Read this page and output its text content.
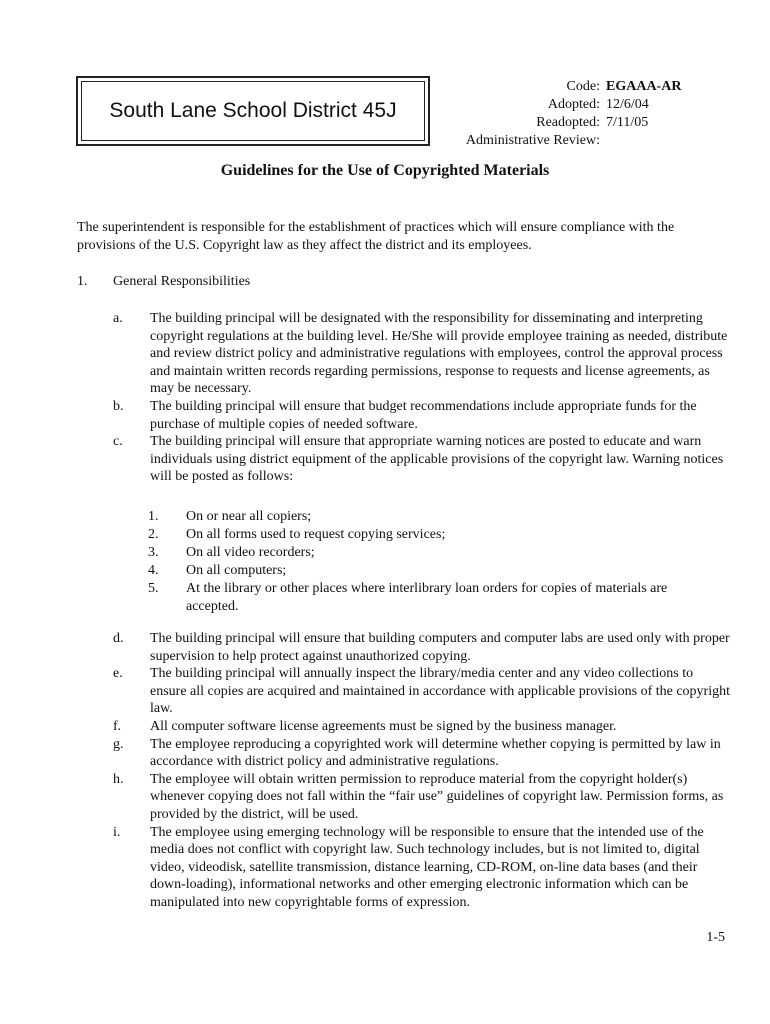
South Lane School District 45J
Code: EGAAA-AR
Adopted: 12/6/04
Readopted: 7/11/05
Administrative Review:
Guidelines for the Use of Copyrighted Materials
The superintendent is responsible for the establishment of practices which will ensure compliance with the provisions of the U.S. Copyright law as they affect the district and its employees.
1.	General Responsibilities
a.	The building principal will be designated with the responsibility for disseminating and interpreting copyright regulations at the building level. He/She will provide employee training as needed, distribute and review district policy and administrative regulations with employees, control the approval process and maintain written records regarding permissions, response to requests and license agreements, as may be necessary.
b.	The building principal will ensure that budget recommendations include appropriate funds for the purchase of multiple copies of needed software.
c.	The building principal will ensure that appropriate warning notices are posted to educate and warn individuals using district equipment of the applicable provisions of the copyright law. Warning notices will be posted as follows:
1.	On or near all copiers;
2.	On all forms used to request copying services;
3.	On all video recorders;
4.	On all computers;
5.	At the library or other places where interlibrary loan orders for copies of materials are accepted.
d.	The building principal will ensure that building computers and computer labs are used only with proper supervision to help protect against unauthorized copying.
e.	The building principal will annually inspect the library/media center and any video collections to ensure all copies are acquired and maintained in accordance with applicable provisions of the copyright law.
f.	All computer software license agreements must be signed by the business manager.
g.	The employee reproducing a copyrighted work will determine whether copying is permitted by law in accordance with district policy and administrative regulations.
h.	The employee will obtain written permission to reproduce material from the copyright holder(s) whenever copying does not fall within the “fair use” guidelines of copyright law. Permission forms, as provided by the district, will be used.
i.	The employee using emerging technology will be responsible to ensure that the intended use of the media does not conflict with copyright law. Such technology includes, but is not limited to, digital video, videodisk, satellite transmission, distance learning, CD-ROM, on-line data bases (and their down-loading), informational networks and other emerging electronic information which can be manipulated into new copyrightable forms of expression.
1-5
